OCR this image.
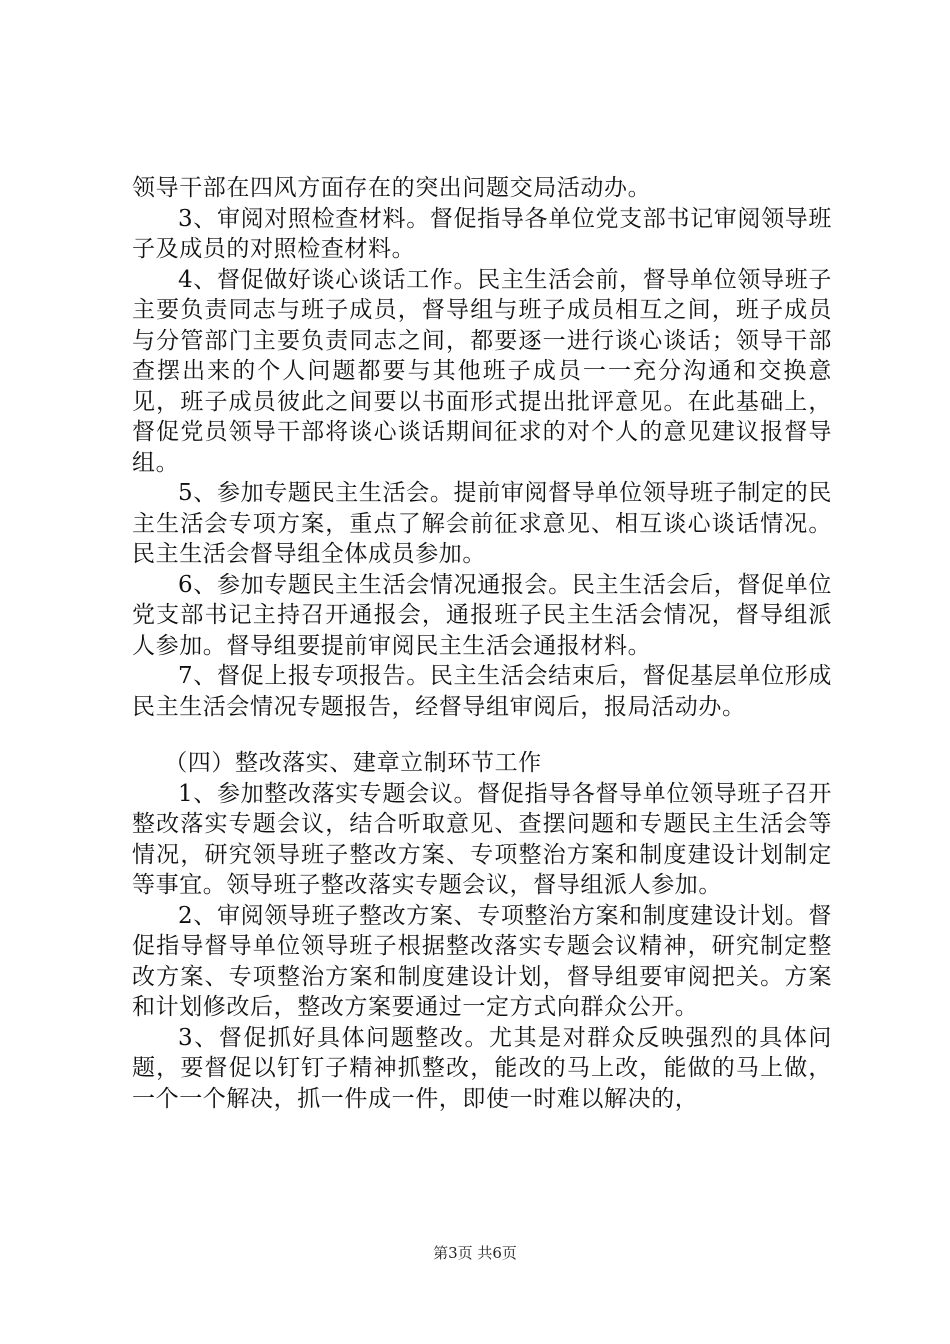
领导干部在四风方面存在的突出问题交局活动办。

3、审阅对照检查材料。督促指导各单位党支部书记审阅领导班子及成员的对照检查材料。

4、督促做好谈心谈话工作。民主生活会前，督导单位领导班子主要负责同志与班子成员，督导组与班子成员相互之间，班子成员与分管部门主要负责同志之间，都要逐一进行谈心谈话；领导干部查摆出来的个人问题都要与其他班子成员一一充分沟通和交换意见，班子成员彼此之间要以书面形式提出批评意见。在此基础上，督促党员领导干部将谈心谈话期间征求的对个人的意见建议报督导组。

5、参加专题民主生活会。提前审阅督导单位领导班子制定的民主生活会专项方案，重点了解会前征求意见、相互谈心谈话情况。民主生活会督导组全体成员参加。

6、参加专题民主生活会情况通报会。民主生活会后，督促单位党支部书记主持召开通报会，通报班子民主生活会情况，督导组派人参加。督导组要提前审阅民主生活会通报材料。

7、督促上报专项报告。民主生活会结束后，督促基层单位形成民主生活会情况专题报告，经督导组审阅后，报局活动办。

（四）整改落实、建章立制环节工作

1、参加整改落实专题会议。督促指导各督导单位领导班子召开整改落实专题会议，结合听取意见、查摆问题和专题民主生活会等情况，研究领导班子整改方案、专项整治方案和制度建设计划制定等事宜。领导班子整改落实专题会议，督导组派人参加。

2、审阅领导班子整改方案、专项整治方案和制度建设计划。督促指导督导单位领导班子根据整改落实专题会议精神，研究制定整改方案、专项整治方案和制度建设计划，督导组要审阅把关。方案和计划修改后，整改方案要通过一定方式向群众公开。

3、督促抓好具体问题整改。尤其是对群众反映强烈的具体问题，要督促以钉钉子精神抓整改，能改的马上改，能做的马上做，一个一个解决，抓一件成一件，即使一时难以解决的，

第3页 共6页
